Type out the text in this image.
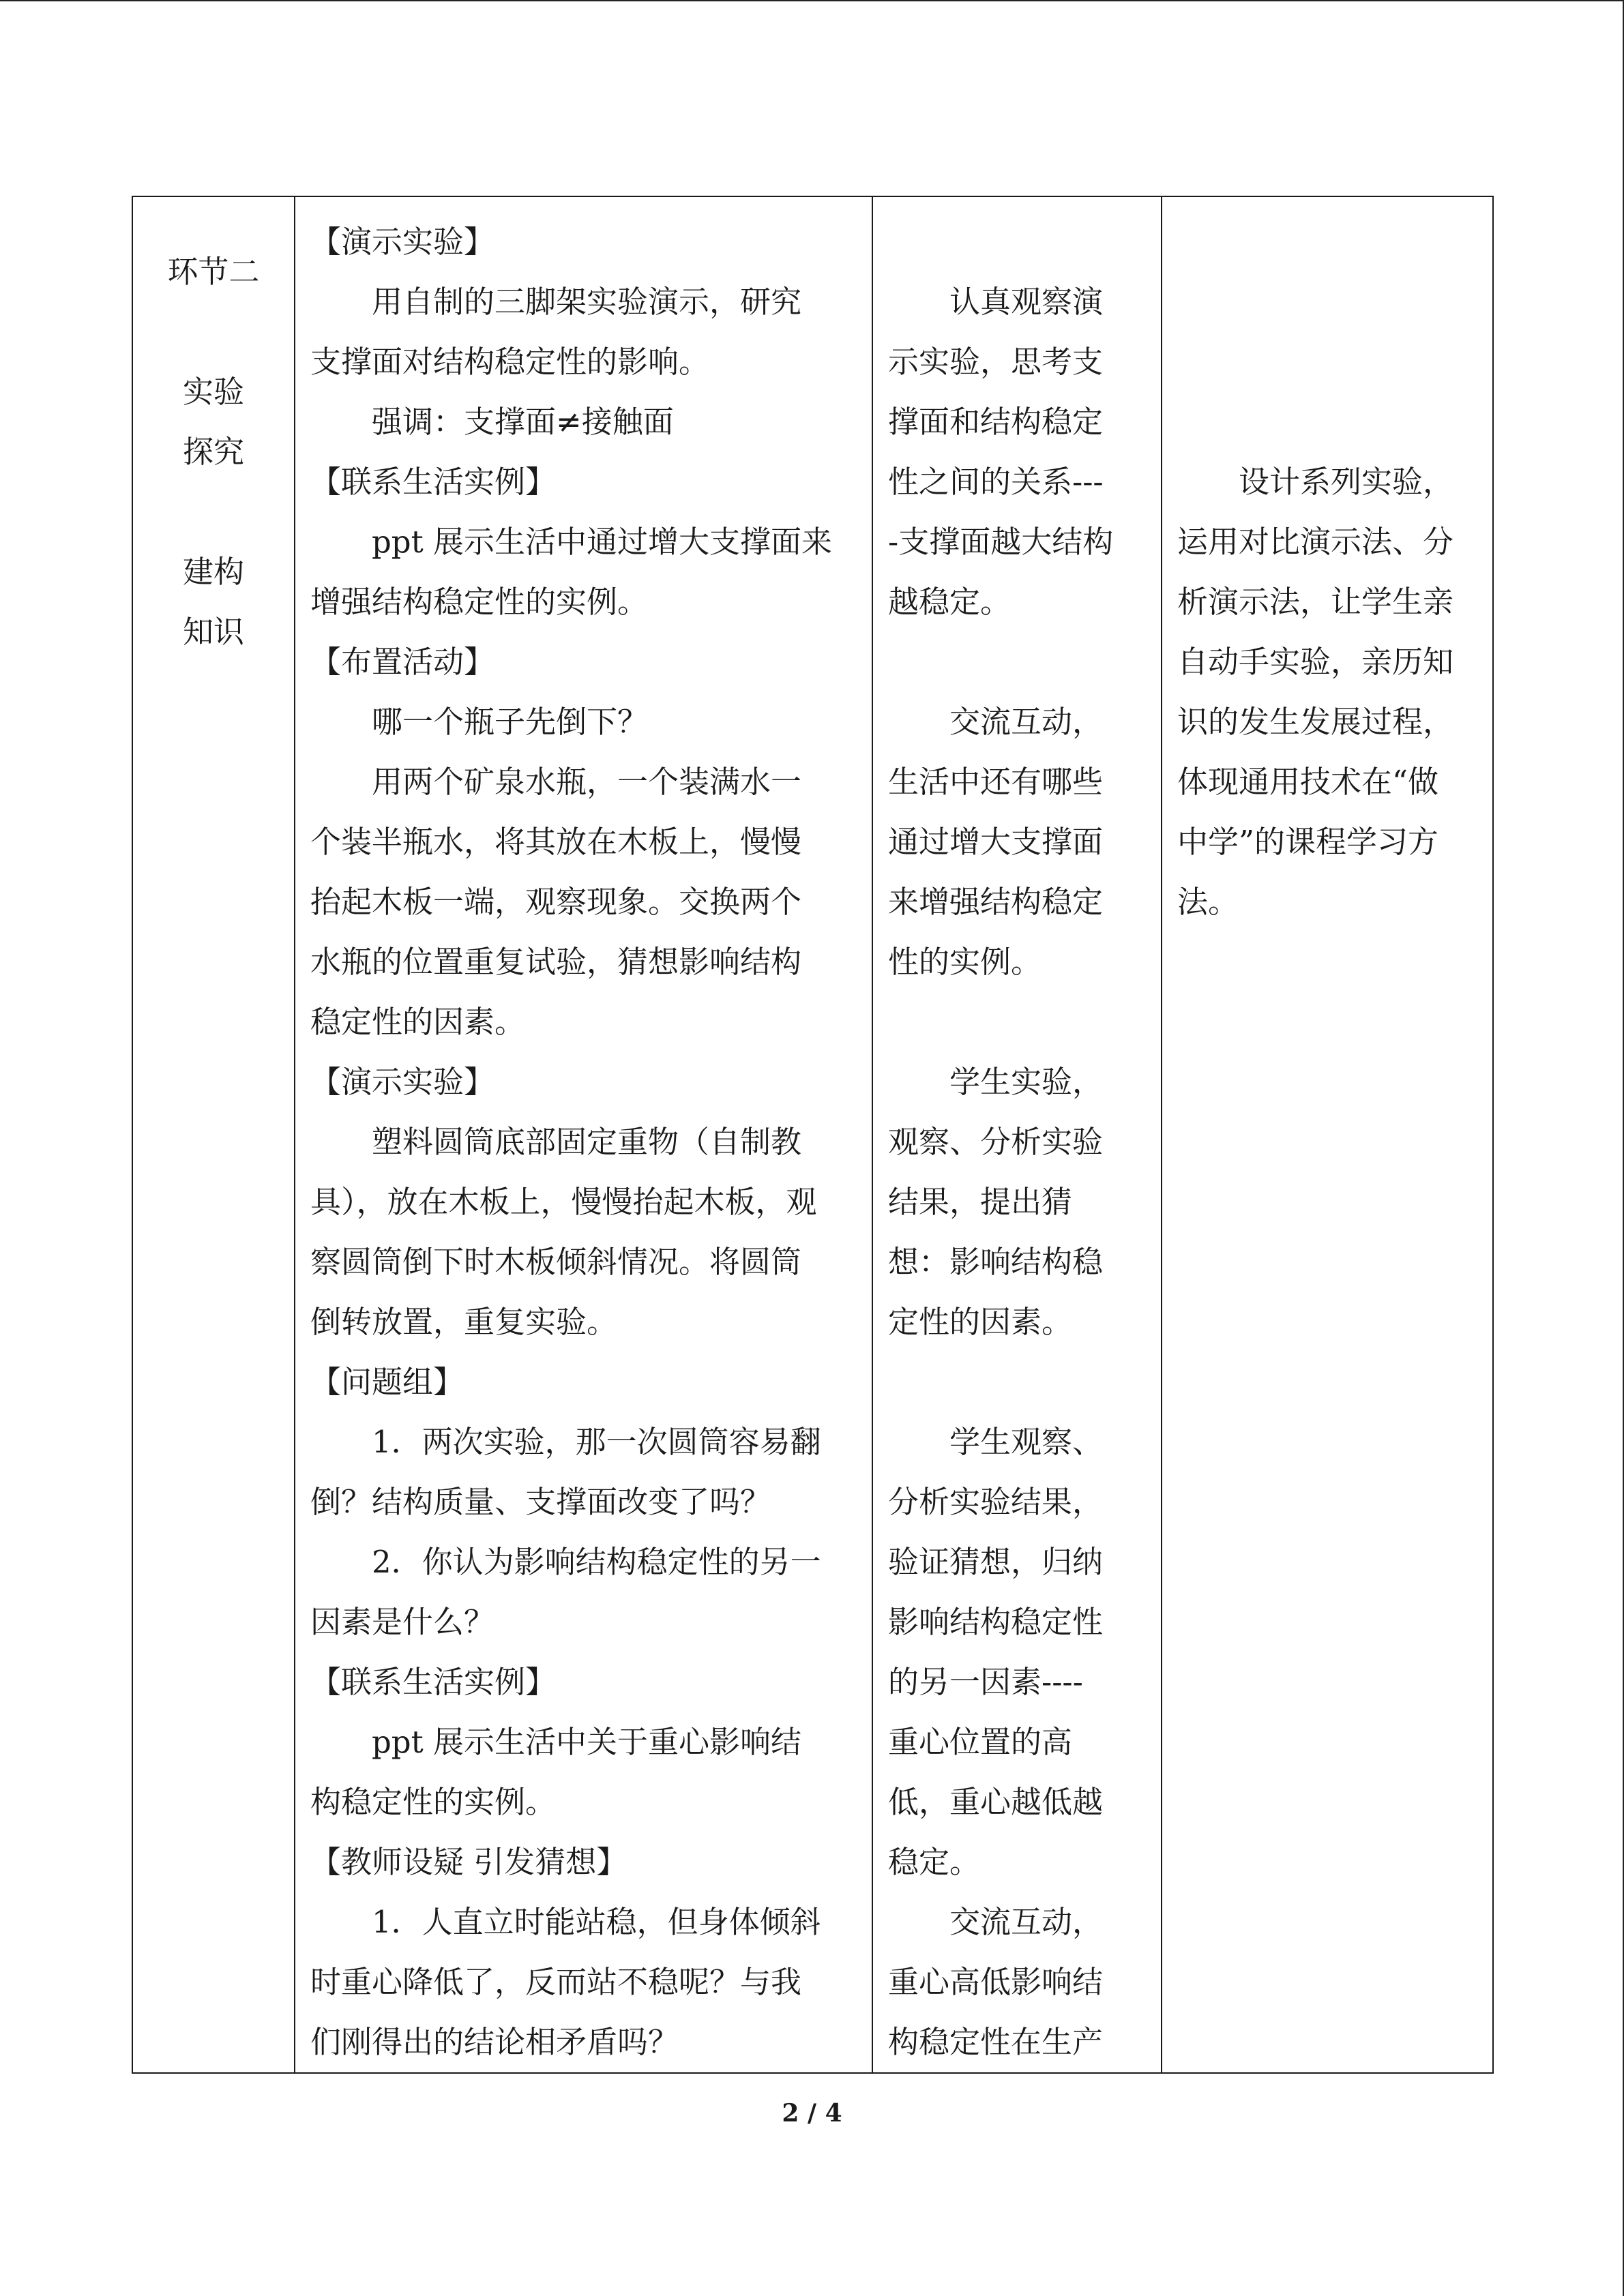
环节二
实验
探究
建构
知识

【演示实验】
用自制的三脚架实验演示，研究
支撑面对结构稳定性的影响。
强调：支撑面≠接触面
【联系生活实例】
ppt 展示生活中通过增大支撑面来
增强结构稳定性的实例。
【布置活动】
哪一个瓶子先倒下？
用两个矿泉水瓶，一个装满水一
个装半瓶水，将其放在木板上，慢慢
抬起木板一端，观察现象。交换两个
水瓶的位置重复试验，猜想影响结构
稳定性的因素。
【演示实验】
塑料圆筒底部固定重物（自制教
具），放在木板上，慢慢抬起木板，观
察圆筒倒下时木板倾斜情况。将圆筒
倒转放置，重复实验。
【问题组】
1．两次实验，那一次圆筒容易翻
倒？结构质量、支撑面改变了吗？
2．你认为影响结构稳定性的另一
因素是什么？
【联系生活实例】
ppt 展示生活中关于重心影响结
构稳定性的实例。
【教师设疑 引发猜想】
1．人直立时能站稳，但身体倾斜
时重心降低了，反而站不稳呢？与我
们刚得出的结论相矛盾吗？

认真观察演
示实验，思考支
撑面和结构稳定
性之间的关系---
-支撑面越大结构
越稳定。
交流互动，
生活中还有哪些
通过增大支撑面
来增强结构稳定
性的实例。
学生实验，
观察、分析实验
结果，提出猜
想：影响结构稳
定性的因素。
学生观察、
分析实验结果，
验证猜想，归纳
影响结构稳定性
的另一因素----
重心位置的高
低，重心越低越
稳定。
交流互动，
重心高低影响结
构稳定性在生产

设计系列实验，
运用对比演示法、分
析演示法，让学生亲
自动手实验，亲历知
识的发生发展过程，
体现通用技术在“做
中学”的课程学习方
法。
2 / 4
